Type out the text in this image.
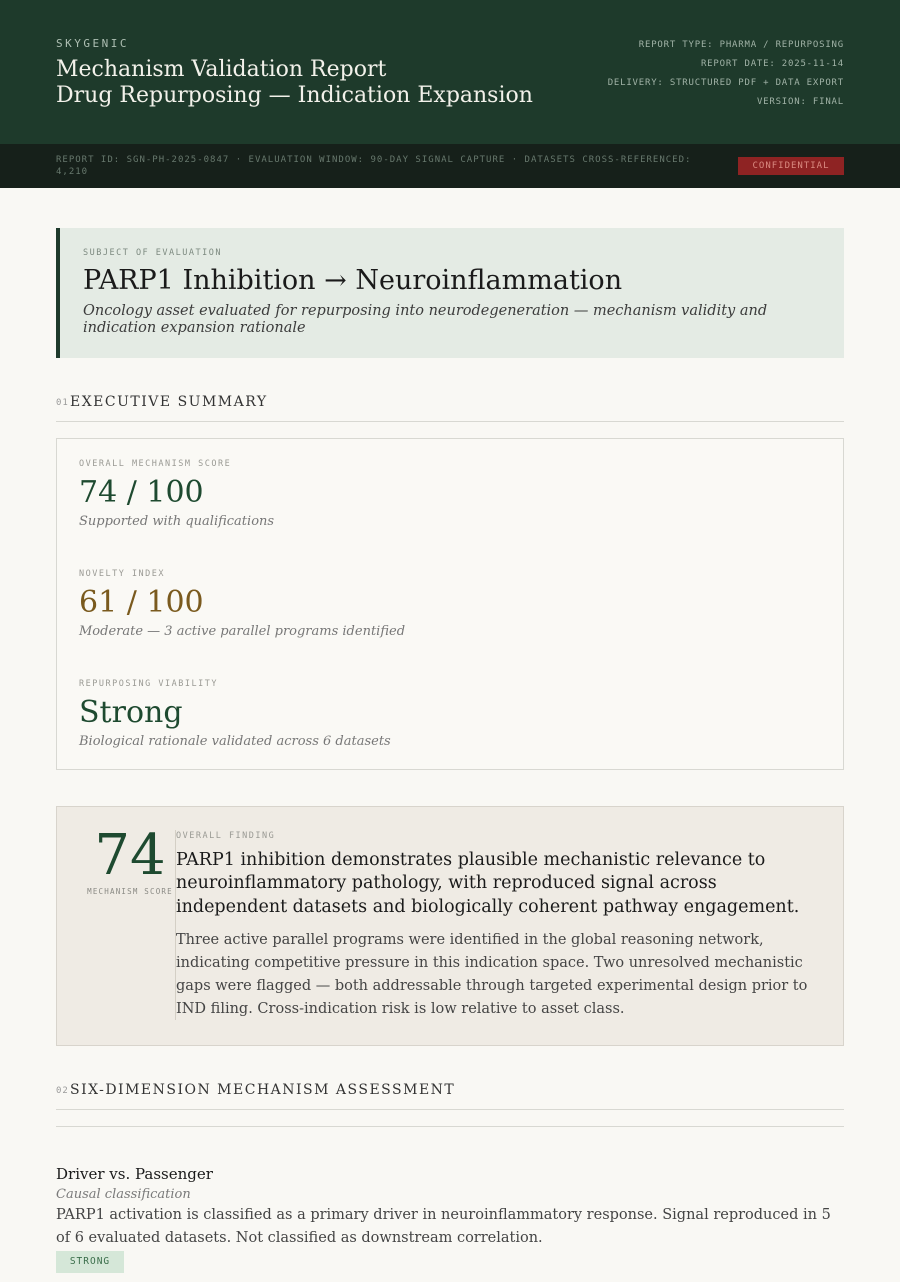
SKYGENIC
Mechanism Validation Report
Drug Repurposing — Indication Expansion
REPORT TYPE: PHARMA / REPURPOSING
REPORT DATE: 2025-11-14
DELIVERY: STRUCTURED PDF + DATA EXPORT
VERSION: FINAL
REPORT ID: SGN-PH-2025-0847 · EVALUATION WINDOW: 90-DAY SIGNAL CAPTURE · DATASETS CROSS-REFERENCED: 4,210
CONFIDENTIAL
SUBJECT OF EVALUATION
PARP1 Inhibition → Neuroinflammation
Oncology asset evaluated for repurposing into neurodegeneration — mechanism validity and indication expansion rationale
01 EXECUTIVE SUMMARY
OVERALL MECHANISM SCORE
74 / 100
Supported with qualifications
NOVELTY INDEX
61 / 100
Moderate — 3 active parallel programs identified
REPURPOSING VIABILITY
Strong
Biological rationale validated across 6 datasets
74
MECHANISM SCORE
OVERALL FINDING
PARP1 inhibition demonstrates plausible mechanistic relevance to neuroinflammatory pathology, with reproduced signal across independent datasets and biologically coherent pathway engagement.
Three active parallel programs were identified in the global reasoning network, indicating competitive pressure in this indication space. Two unresolved mechanistic gaps were flagged — both addressable through targeted experimental design prior to IND filing. Cross-indication risk is low relative to asset class.
02 SIX-DIMENSION MECHANISM ASSESSMENT
Driver vs. Passenger
Causal classification
PARP1 activation is classified as a primary driver in neuroinflammatory response. Signal reproduced in 5 of 6 evaluated datasets. Not classified as downstream correlation.
STRONG
